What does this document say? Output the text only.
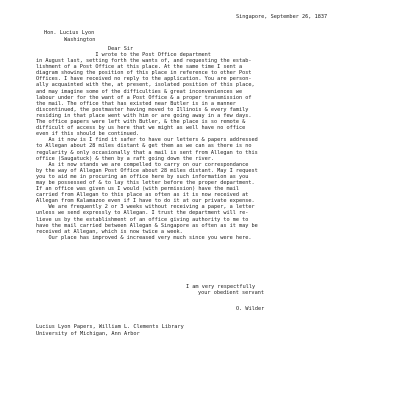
Singapore, September 26, 1837
Hon. Lucius Lyon
Washington
Dear Sir
I wrote to the Post Office department
in August last, setting forth the wants of, and requesting the estab-
lishment of a Post Office at this place. At the same time I sent a
diagram showing the position of this place in reference to other Post
Offices. I have received no reply to the application. You are person-
ally acquainted with the, at present, isolated position of this place,
and may imagine some of the difficulties & great inconveniences we
labour under for the want of a Post Office & a proper transmission of
the mail. The office that has existed near Butler is in a manner
discontinued, the postmaster having moved to Illinois & every family
residing in that place went with him or are going away in a few days.
The office papers were left with Butler, & the place is so remote &
difficult of access by us here that we might as well have no office
even if this should be continued.
As it now is I find it safer to have our letters & papers addressed
to Allegan about 28 miles distant & get them as we can as there is no
regularity & only occasionally that a mail is sent from Allegan to this
office (Saugatuck) & then by a raft going down the river.
As it now stands we are compelled to carry on our correspondance
by the way of Allegan Post Office about 28 miles distant. May I request
you to aid me in procuring an office here by such information as you
may be possessed of & to lay this letter before the proper department.
If an office was given us I would (with permission) have the mail
carried from Allegan to this place as often as it is now received at
Allegan from Kalamazoo even if I have to do it at our private expense.
We are frequently 2 or 3 weeks without receiving a paper, a letter
unless we send expressly to Allegan. I trust the department will re-
lieve us by the establishment of an office giving authority to me to
have the mail carried between Allegan & Singapore as often as it may be
received at Allegan, which is now twice a week.
Our place has improved & increased very much since you were here.
I am very respectfully
your obedient servant
O. Wilder
Lucius Lyon Papers, William L. Clements Library
University of Michigan, Ann Arbor
